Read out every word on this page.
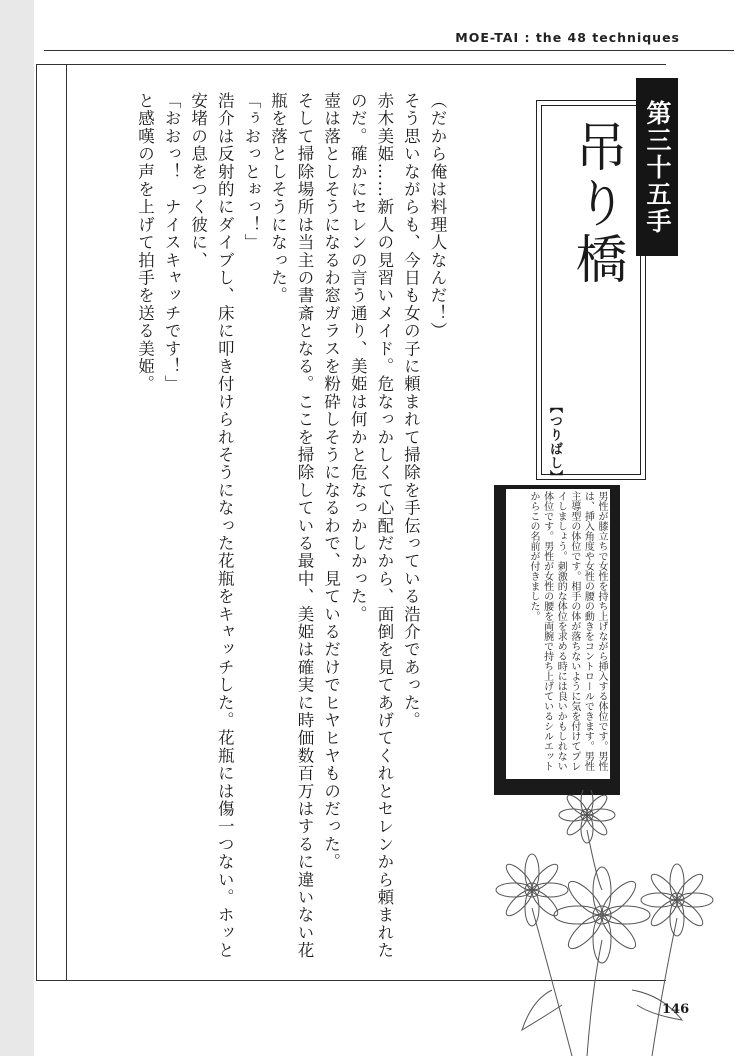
MOE-TAI : the 48 techniques

（だから俺は料理人なんだ！）

そう思いながらも、今日も女の子に頼まれて掃除を手伝っている浩介であった。

赤木美姫……新人の見習いメイド。危なっかしくて心配だから、面倒を見てあげてくれとセレンから頼まれたのだ。確かにセレンの言う通り、美姫は何かと危なっかしかった。

壺は落としそうになるわ窓ガラスを粉砕しそうになるわで、見ているだけでヒヤヒヤものだった。

そして掃除場所は当主の書斎となる。ここを掃除している最中、美姫は確実に時価数百万はするに違いない花瓶を落としそうになった。

「ぅおっとぉっ！」

浩介は反射的にダイブし、床に叩き付けられそうになった花瓶をキャッチした。花瓶には傷一つない。ホッと安堵の息をつく彼に、

「おおっ！　ナイスキャッチです！」

と感嘆の声を上げて拍手を送る美姫。	第三十五手
吊り橋
【つりばし】
男性が膝立ちで女性を持ち上げながら挿入する体位です。男性は、挿入角度や女性の腰の動きをコントロールできます。男性主導型の体位です。相手の体が落ちないように気を付けてプレイしましょう。刺激的な体位を求める時には良いかもしれない体位です。男性が女性の腰を両腕で持ち上げているシルエットからこの名前が付きました。
146
